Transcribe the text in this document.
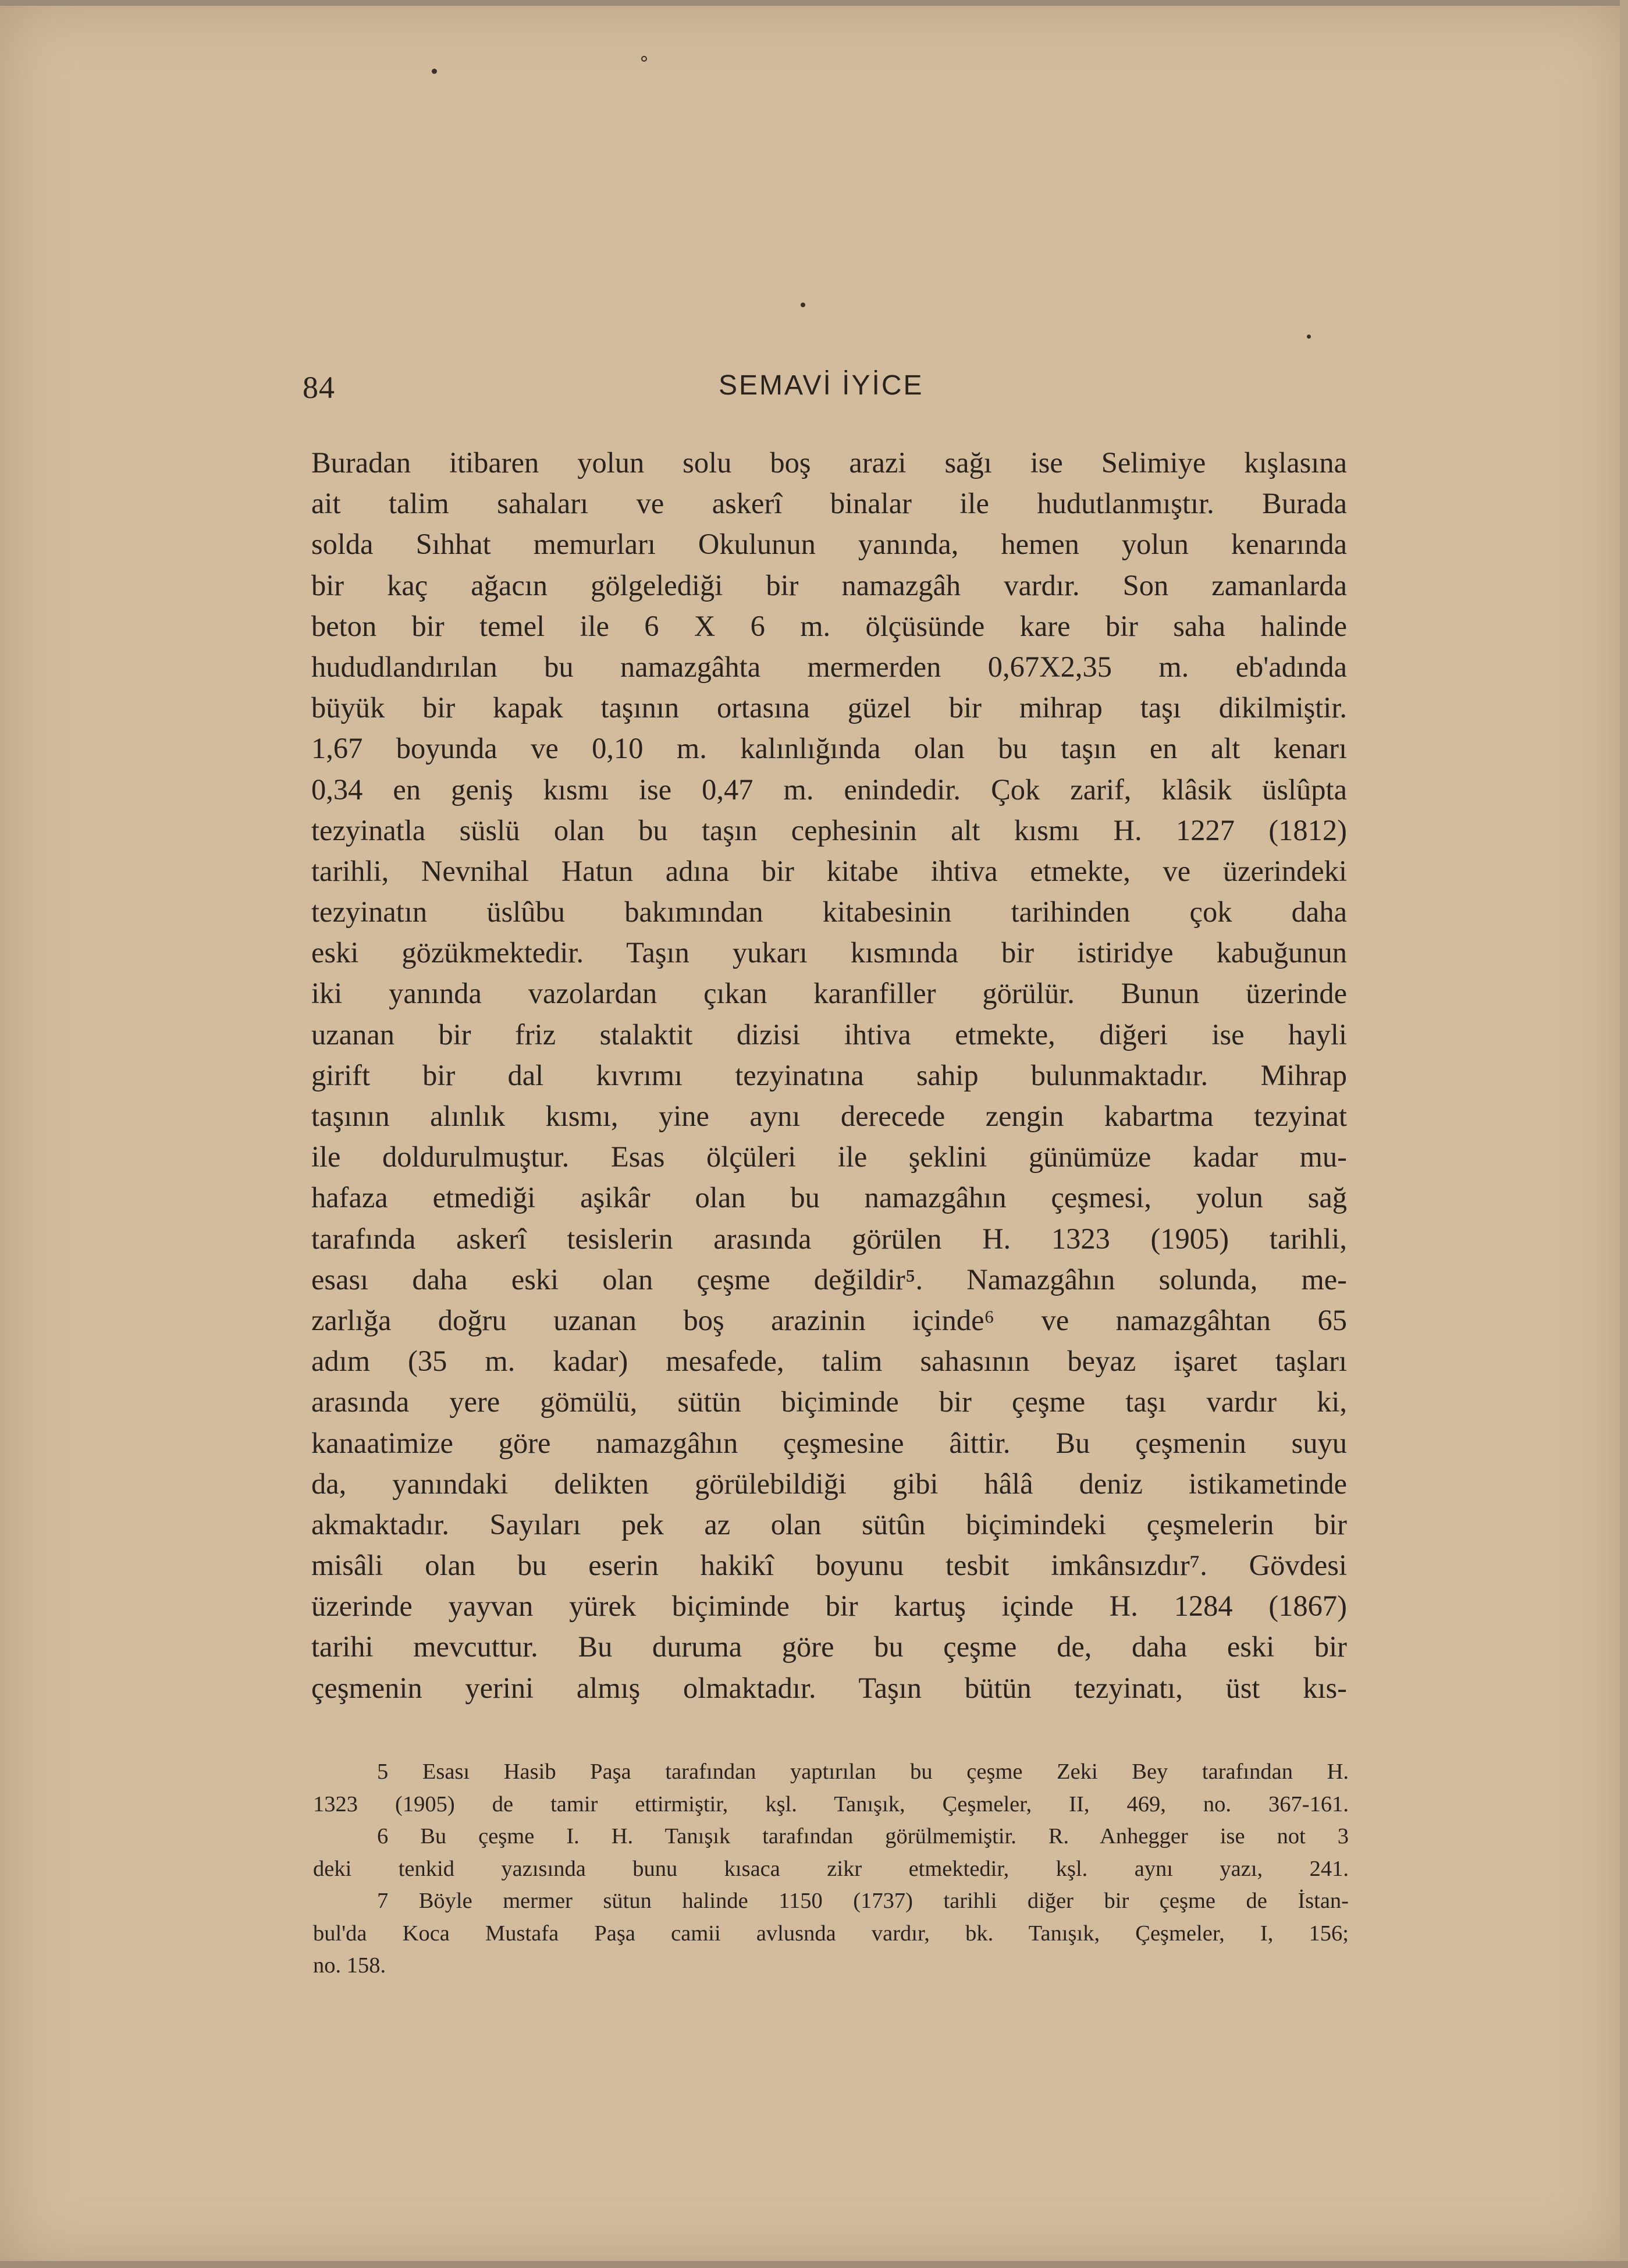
84	SEMAVİ İYİCE
Buradan itibaren yolun solu boş arazi sağı ise Selimiye kışlasına
ait talim sahaları ve askerî binalar ile hudutlanmıştır. Burada
solda Sıhhat memurları Okulunun yanında, hemen yolun kenarında
bir kaç ağacın gölgelediği bir namazgâh vardır. Son zamanlarda
beton bir temel ile 6 X 6 m. ölçüsünde kare bir saha halinde
hududlandırılan bu namazgâhta mermerden 0,67X2,35 m. eb'adında
büyük bir kapak taşının ortasına güzel bir mihrap taşı dikilmiştir.
1,67 boyunda ve 0,10 m. kalınlığında olan bu taşın en alt kenarı
0,34 en geniş kısmı ise 0,47 m. enindedir. Çok zarif, klâsik üslûpta
tezyinatla süslü olan bu taşın cephesinin alt kısmı H. 1227 (1812)
tarihli, Nevnihal Hatun adına bir kitabe ihtiva etmekte, ve üzerindeki
tezyinatın üslûbu bakımından kitabesinin tarihinden çok daha
eski gözükmektedir. Taşın yukarı kısmında bir istiridye kabuğunun
iki yanında vazolardan çıkan karanfiller görülür. Bunun üzerinde
uzanan bir friz stalaktit dizisi ihtiva etmekte, diğeri ise hayli
girift bir dal kıvrımı tezyinatına sahip bulunmaktadır. Mihrap
taşının alınlık kısmı, yine aynı derecede zengin kabartma tezyinat
ile doldurulmuştur. Esas ölçüleri ile şeklini günümüze kadar mu-
hafaza etmediği aşikâr olan bu namazgâhın çeşmesi, yolun sağ
tarafında askerî tesislerin arasında görülen H. 1323 (1905) tarihli,
esası daha eski olan çeşme değildir⁵. Namazgâhın solunda, me-
zarlığa doğru uzanan boş arazinin içinde⁶ ve namazgâhtan 65
adım (35 m. kadar) mesafede, talim sahasının beyaz işaret taşları
arasında yere gömülü, sütün biçiminde bir çeşme taşı vardır ki,
kanaatimize göre namazgâhın çeşmesine âittir. Bu çeşmenin suyu
da, yanındaki delikten görülebildiği gibi hâlâ deniz istikametinde
akmaktadır. Sayıları pek az olan sütûn biçimindeki çeşmelerin bir
misâli olan bu eserin hakikî boyunu tesbit imkânsızdır⁷. Gövdesi
üzerinde yayvan yürek biçiminde bir kartuş içinde H. 1284 (1867)
tarihi mevcuttur. Bu duruma göre bu çeşme de, daha eski bir
çeşmenin yerini almış olmaktadır. Taşın bütün tezyinatı, üst kıs-
5 Esası Hasib Paşa tarafından yaptırılan bu çeşme Zeki Bey tarafından H.
1323 (1905) de tamir ettirmiştir, kşl. Tanışık, Çeşmeler, II, 469, no. 367-161.
6 Bu çeşme I. H. Tanışık tarafından görülmemiştir. R. Anhegger ise not 3
deki tenkid yazısında bunu kısaca zikr etmektedir, kşl. aynı yazı, 241.
7 Böyle mermer sütun halinde 1150 (1737) tarihli diğer bir çeşme de İstan-
bul'da Koca Mustafa Paşa camii avlusnda vardır, bk. Tanışık, Çeşmeler, I, 156;
no. 158.
